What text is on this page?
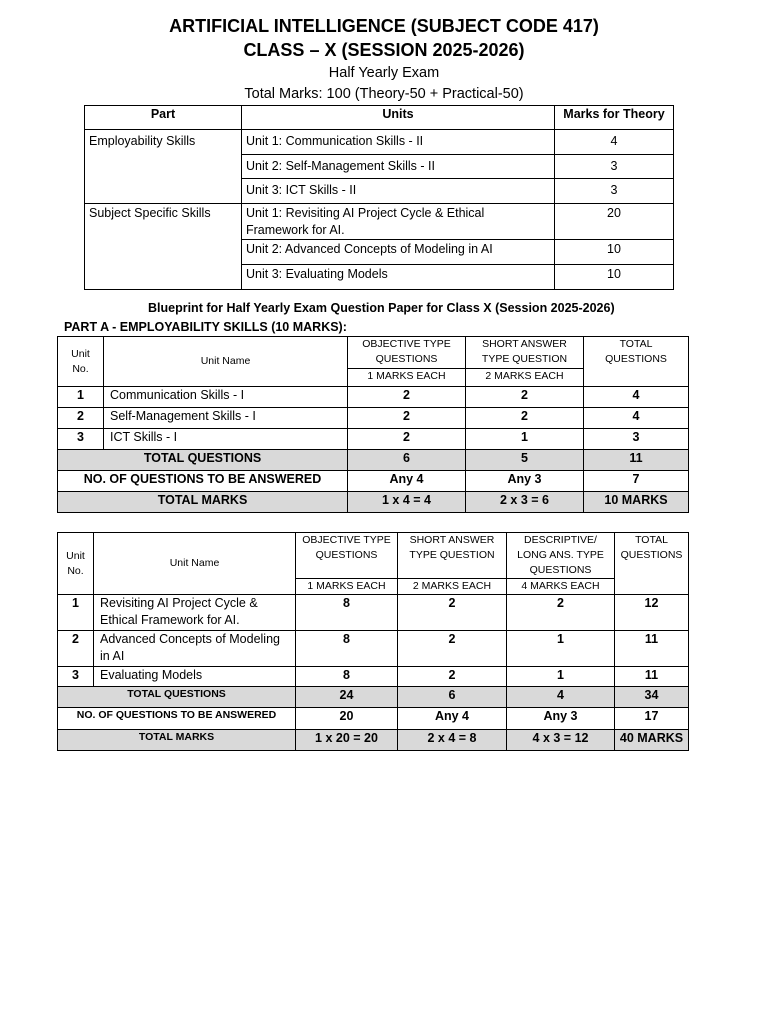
ARTIFICIAL INTELLIGENCE (SUBJECT CODE 417)
CLASS – X (SESSION 2025-2026)
Half Yearly Exam
Total Marks: 100 (Theory-50 + Practical-50)
Part	Units	Marks for Theory
Employability Skills	Unit 1: Communication Skills - II	4
	Unit 2: Self-Management Skills - II	3
	Unit 3: ICT Skills - II	3
Subject Specific Skills	Unit 1: Revisiting AI Project Cycle & Ethical Framework for AI.	20
	Unit 2: Advanced Concepts of Modeling in AI	10
	Unit 3: Evaluating Models	10
Blueprint for Half Yearly Exam Question Paper for Class X (Session 2025-2026)
PART A - EMPLOYABILITY SKILLS (10 MARKS):
Unit No.	Unit Name	OBJECTIVE TYPE QUESTIONS	SHORT ANSWER TYPE QUESTION	TOTAL QUESTIONS
		1 MARKS EACH	2 MARKS EACH	
1	Communication Skills - I	2	2	4
2	Self-Management Skills - I	2	2	4
3	ICT Skills - I	2	1	3
TOTAL QUESTIONS		6	5	11
NO. OF QUESTIONS TO BE ANSWERED		Any 4	Any 3	7
TOTAL MARKS		1 x 4 = 4	2 x 3 = 6	10 MARKS
Unit No.	Unit Name	OBJECTIVE TYPE QUESTIONS	SHORT ANSWER TYPE QUESTION	DESCRIPTIVE/ LONG ANS. TYPE QUESTIONS	TOTAL QUESTIONS
		1 MARKS EACH	2 MARKS EACH	4 MARKS EACH	
1	Revisiting AI Project Cycle & Ethical Framework for AI.	8	2	2	12
2	Advanced Concepts of Modeling in AI	8	2	1	11
3	Evaluating Models	8	2	1	11
TOTAL QUESTIONS		24	6	4	34
NO. OF QUESTIONS TO BE ANSWERED		20	Any 4	Any 3	17
TOTAL MARKS		1 x 20 = 20	2 x 4 = 8	4 x 3 = 12	40 MARKS
